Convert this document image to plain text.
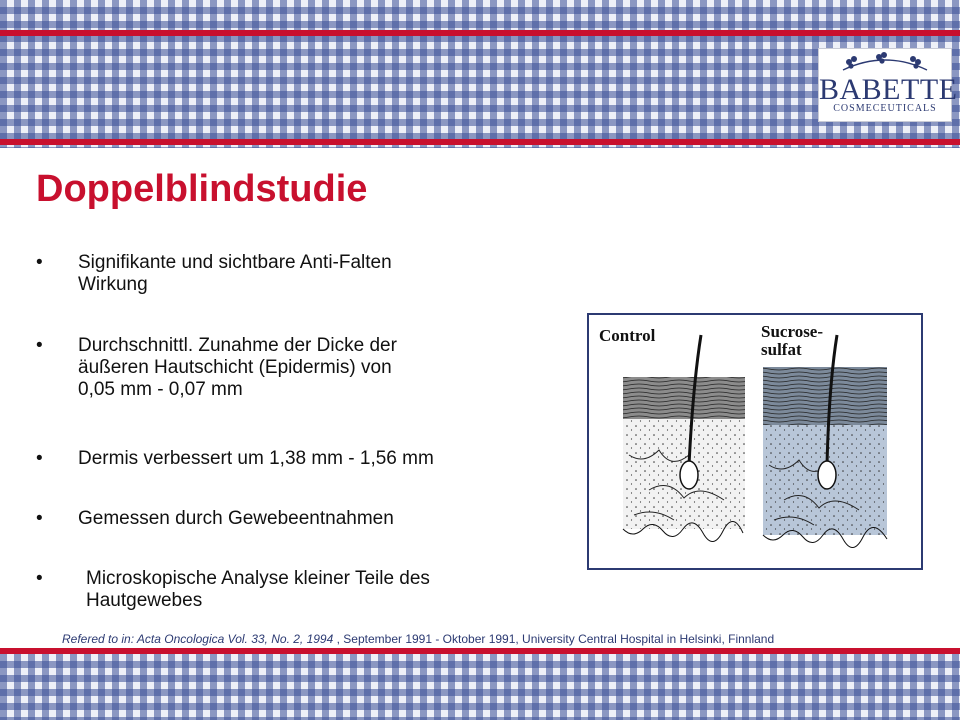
BABETTE
COSMECEUTICALS
Doppelblindstudie
• Signifikante und sichtbare Anti-Falten
Wirkung
• Durchschnittl. Zunahme der Dicke der
äußeren Hautschicht (Epidermis) von
0,05 mm - 0,07 mm
• Dermis verbessert um 1,38 mm - 1,56 mm
• Gemessen durch Gewebeentnahmen
• Microskopische Analyse kleiner Teile des
Hautgewebes
Control	Sucrose-
sulfat
Refered to in: Acta Oncologica Vol. 33, No. 2, 1994 , September 1991 - Oktober 1991, University Central Hospital in Helsinki, Finnland
